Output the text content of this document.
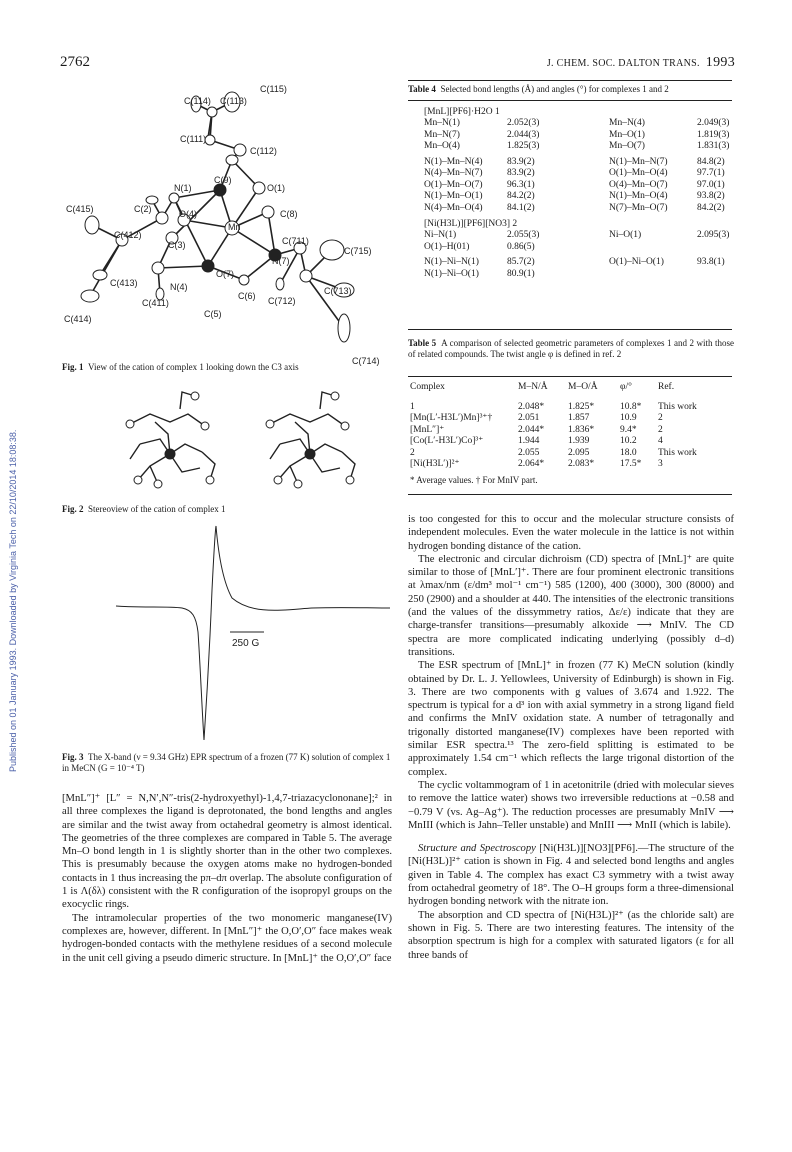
Published on 01 January 1993. Downloaded by Virginia Tech on 22/10/2014 18:08:38.
2762	J. CHEM. SOC. DALTON TRANS. 1993
C(115)
C(114) C(113)
C(111)
C(112)
C(9)
O(1)
N(1)
C(415)	C(2)	O(4)	C(8)
Mn
C(412)
C(3)	C(711)
C(715)
N(7)
O(7)
C(413)	N(4)	C(713)
C(6) C(712)
C(411)
C(5)
C(414)
C(714)
Fig. 1 View of the cation of complex 1 looking down the C3 axis
Fig. 2 Stereoview of the cation of complex 1
250 G
Fig. 3 The X-band (ν = 9.34 GHz) EPR spectrum of a frozen (77 K) solution of complex 1 in MeCN (G = 10⁻⁴ T)

[MnL″]⁺ [L″ = N,N′,N″-tris(2-hydroxyethyl)-1,4,7-triazacyclononane];² in all three complexes the ligand is deprotonated, the bond lengths and angles are similar and the twist away from octahedral geometry is almost identical. The geometries of the three complexes are compared in Table 5. The average Mn–O bond length in 1 is slightly shorter than in the other two complexes. This is presumably because the oxygen atoms make no hydrogen-bonded contacts in 1 thus increasing the pπ–dπ overlap. The absolute configuration of 1 is Λ(δλ) consistent with the R configuration of the isopropyl groups on the exocyclic rings.

The intramolecular properties of the two monomeric manganese(IV) complexes are, however, different. In [MnL″]⁺ the O,O′,O″ face makes weak hydrogen-bonded contacts with the methylene residues of a second molecule in the unit cell giving a pseudo dimeric structure. In [MnL]⁺ the O,O′,O″ face

Table 4 Selected bond lengths (Å) and angles (°) for complexes 1 and 2
[MnL][PF6]·H2O 1
Mn–N(1)	2.052(3)	Mn–N(4)	2.049(3)
Mn–N(7)	2.044(3)	Mn–O(1)	1.819(3)
Mn–O(4)	1.825(3)	Mn–O(7)	1.831(3)
N(1)–Mn–N(4)	83.9(2)	N(1)–Mn–N(7)	84.8(2)
N(4)–Mn–N(7)	83.9(2)	O(1)–Mn–O(4)	97.7(1)
O(1)–Mn–O(7)	96.3(1)	O(4)–Mn–O(7)	97.0(1)
N(1)–Mn–O(1)	84.2(2)	N(1)–Mn–O(4)	93.8(2)
N(4)–Mn–O(4)	84.1(2)	N(7)–Mn–O(7)	84.2(2)
[Ni(H3L)][PF6][NO3] 2
Ni–N(1)	2.055(3)	Ni–O(1)	2.095(3)
O(1)–H(01)	0.86(5)		
N(1)–Ni–N(1)	85.7(2)	O(1)–Ni–O(1)	93.8(1)
N(1)–Ni–O(1)	80.9(1)		
Table 5 A comparison of selected geometric parameters of complexes 1 and 2 with those of related compounds. The twist angle φ is defined in ref. 2
Complex	M–N/Å	M–O/Å	φ/°	Ref.
1	2.048*	1.825*	10.8*	This work
[Mn(L′-H3L′)Mn]³⁺†	2.051	1.857	10.9	2
[MnL″]⁺	2.044*	1.836*	9.4*	2
[Co(L′-H3L′)Co]³⁺	1.944	1.939	10.2	4
2	2.055	2.095	18.0	This work
[Ni(H3L′)]²⁺	2.064*	2.083*	17.5*	3
* Average values. † For MnIV part.

is too congested for this to occur and the molecular structure consists of independent molecules. Even the water molecule in the lattice is not within hydrogen bonding distance of the cation.

The electronic and circular dichroism (CD) spectra of [MnL]⁺ are quite similar to those of [MnL′]⁺. There are four prominent electronic transitions at λmax/nm (ε/dm³ mol⁻¹ cm⁻¹) 585 (1200), 400 (3000), 300 (8000) and 250 (2900) and a shoulder at 440. The intensities of the electronic transitions (and the values of the dissymmetry ratios, Δε/ε) indicate that they are charge-transfer transitions—presumably alkoxide ⟶ MnIV. The CD spectra are more complicated indicating underlying (possibly d–d) transitions.

The ESR spectrum of [MnL]⁺ in frozen (77 K) MeCN solution (kindly obtained by Dr. L. J. Yellowlees, University of Edinburgh) is shown in Fig. 3. There are two components with g values of 3.674 and 1.922. The spectrum is typical for a d³ ion with axial symmetry in a strong ligand field and confirms the MnIV oxidation state. A number of tetragonally and trigonally distorted manganese(IV) complexes have been reported with similar ESR spectra.¹³ The zero-field splitting is estimated to be approximately 1.54 cm⁻¹ which reflects the large trigonal distortion of the complex.

The cyclic voltammogram of 1 in acetonitrile (dried with molecular sieves to remove the lattice water) shows two irreversible reductions at −0.58 and −0.79 V (vs. Ag–Ag⁺). The reduction processes are presumably MnIV ⟶ MnIII (which is Jahn–Teller unstable) and MnIII ⟶ MnII (which is labile).

Structure and Spectroscopy [Ni(H3L)][NO3][PF6].—The structure of the [Ni(H3L)]²⁺ cation is shown in Fig. 4 and selected bond lengths and angles given in Table 4. The complex has exact C3 symmetry with a twist away from octahedral geometry of 18°. The O–H groups form a three-dimensional hydrogen bonding network with the nitrate ion.

The absorption and CD spectra of [Ni(H3L)]²⁺ (as the chloride salt) are shown in Fig. 5. There are two interesting features. The intensity of the absorption spectrum is high for a complex with saturated ligators (ε for all three bands of
